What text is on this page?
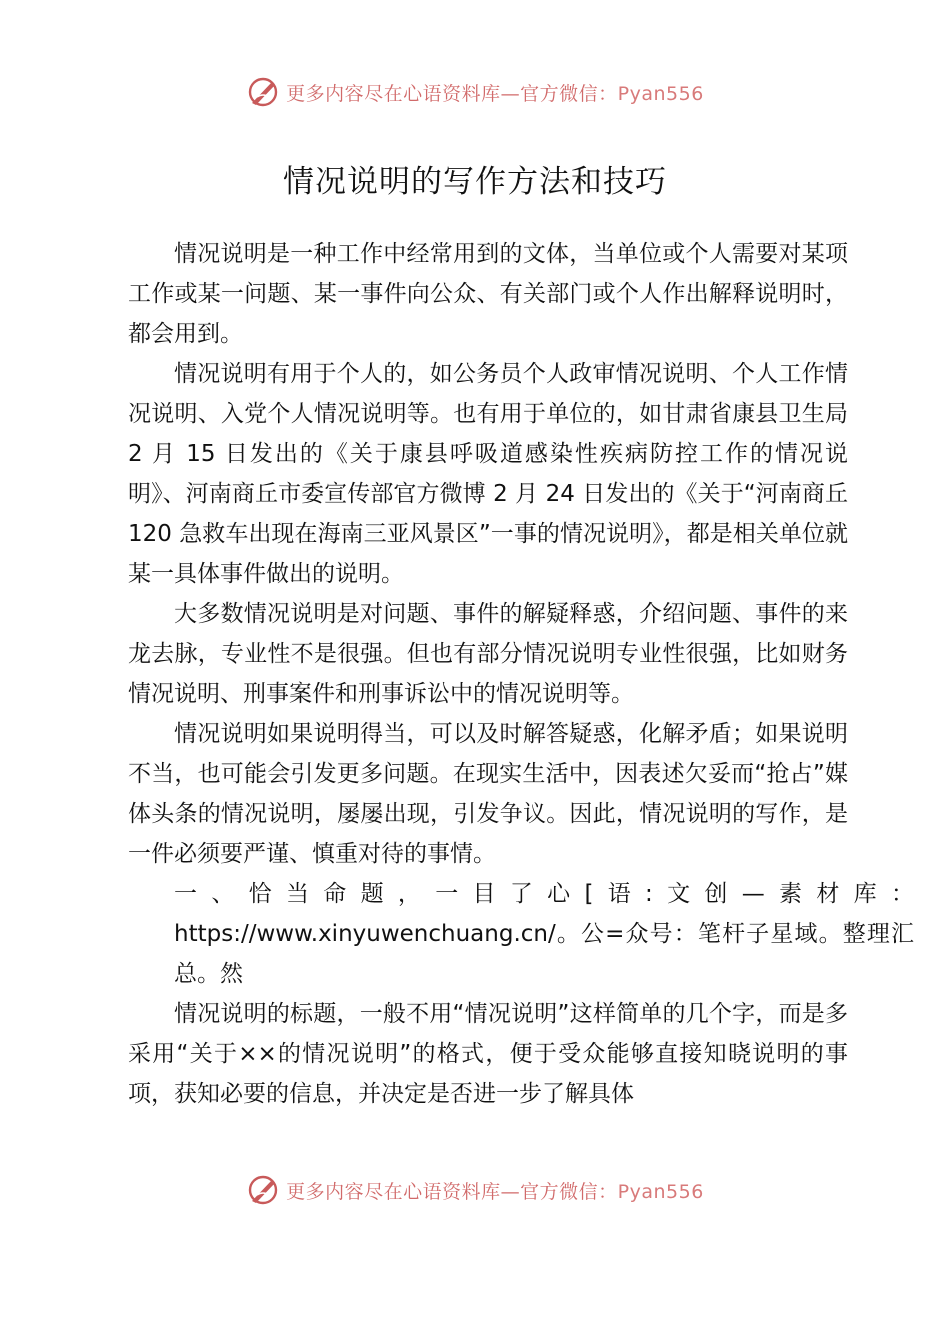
更多内容尽在心语资料库—官方微信：Pyan556
情况说明的写作方法和技巧

情况说明是一种工作中经常用到的文体，当单位或个人需要对某项工作或某一问题、某一事件向公众、有关部门或个人作出解释说明时，都会用到。

情况说明有用于个人的，如公务员个人政审情况说明、个人工作情况说明、入党个人情况说明等。也有用于单位的，如甘肃省康县卫生局 2 月 15 日发出的《关于康县呼吸道感染性疾病防控工作的情况说明》、河南商丘市委宣传部官方微博 2 月 24 日发出的《关于“河南商丘 120 急救车出现在海南三亚风景区”一事的情况说明》，都是相关单位就某一具体事件做出的说明。

大多数情况说明是对问题、事件的解疑释惑，介绍问题、事件的来龙去脉，专业性不是很强。但也有部分情况说明专业性很强，比如财务情况说明、刑事案件和刑事诉讼中的情况说明等。

情况说明如果说明得当，可以及时解答疑惑，化解矛盾；如果说明不当，也可能会引发更多问题。在现实生活中，因表述欠妥而“抢占”媒体头条的情况说明，屡屡出现，引发争议。因此，情况说明的写作，是一件必须要严谨、慎重对待的事情。

一、恰当命题，一目了心[语:文创—素材库：https://www.xinyuwenchuang.cn/。公=众号：笔杆子星域。整理汇总。然

情况说明的标题，一般不用“情况说明”这样简单的几个字，而是多采用“关于××的情况说明”的格式，便于受众能够直接知晓说明的事项，获知必要的信息，并决定是否进一步了解具体

更多内容尽在心语资料库—官方微信：Pyan556
